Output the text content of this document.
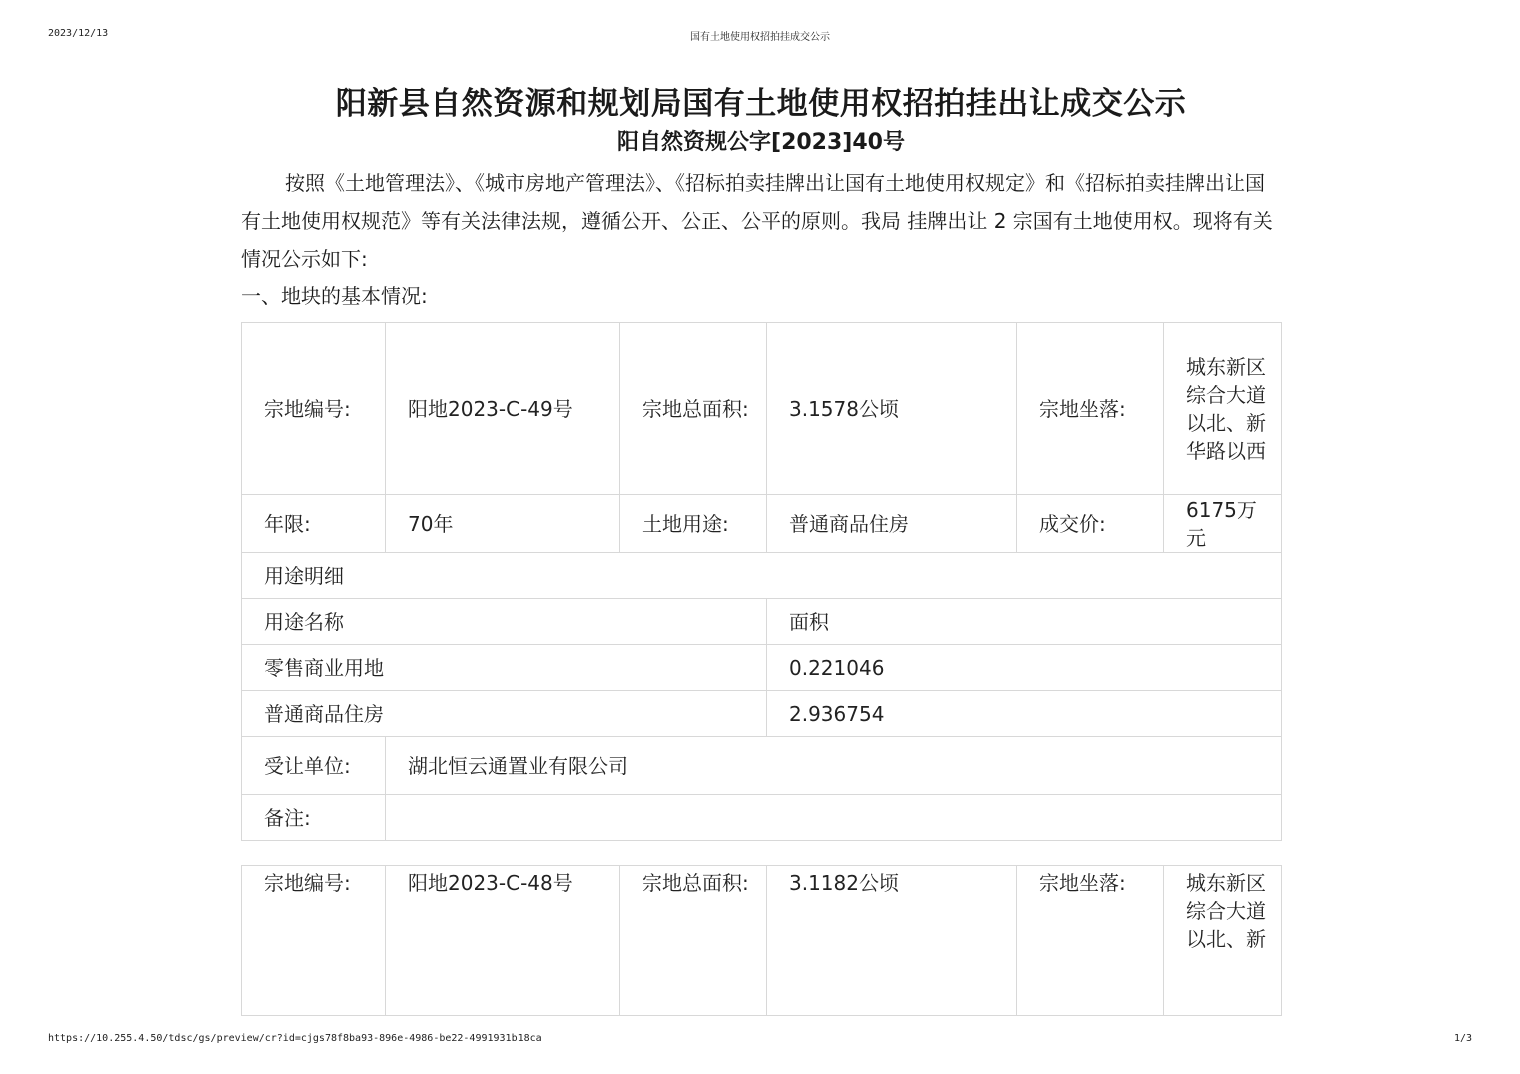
2023/12/13	国有土地使用权招拍挂成交公示
阳新县自然资源和规划局国有土地使用权招拍挂出让成交公示
阳自然资规公字[2023]40号

按照《土地管理法》、《城市房地产管理法》、《招标拍卖挂牌出让国有土地使用权规定》和《招标拍卖挂牌出让国有土地使用权规范》等有关法律法规，遵循公开、公正、公平的原则。我局 挂牌出让 2 宗国有土地使用权。现将有关情况公示如下:

一、地块的基本情况:

宗地编号:	阳地2023-C-49号	宗地总面积:	3.1578公顷	宗地坐落:	城东新区综合大道以北、新华路以西
年限:	70年	土地用途:	普通商品住房	成交价:	6175万元
用途明细					
用途名称			面积		
零售商业用地			0.221046		
普通商品住房			2.936754		
受让单位:	湖北恒云通置业有限公司				
备注:					
宗地编号:	阳地2023-C-48号	宗地总面积:	3.1182公顷	宗地坐落:	城东新区综合大道以北、新
https://10.255.4.50/tdsc/gs/preview/cr?id=cjgs78f8ba93-896e-4986-be22-4991931b18ca	1/3
